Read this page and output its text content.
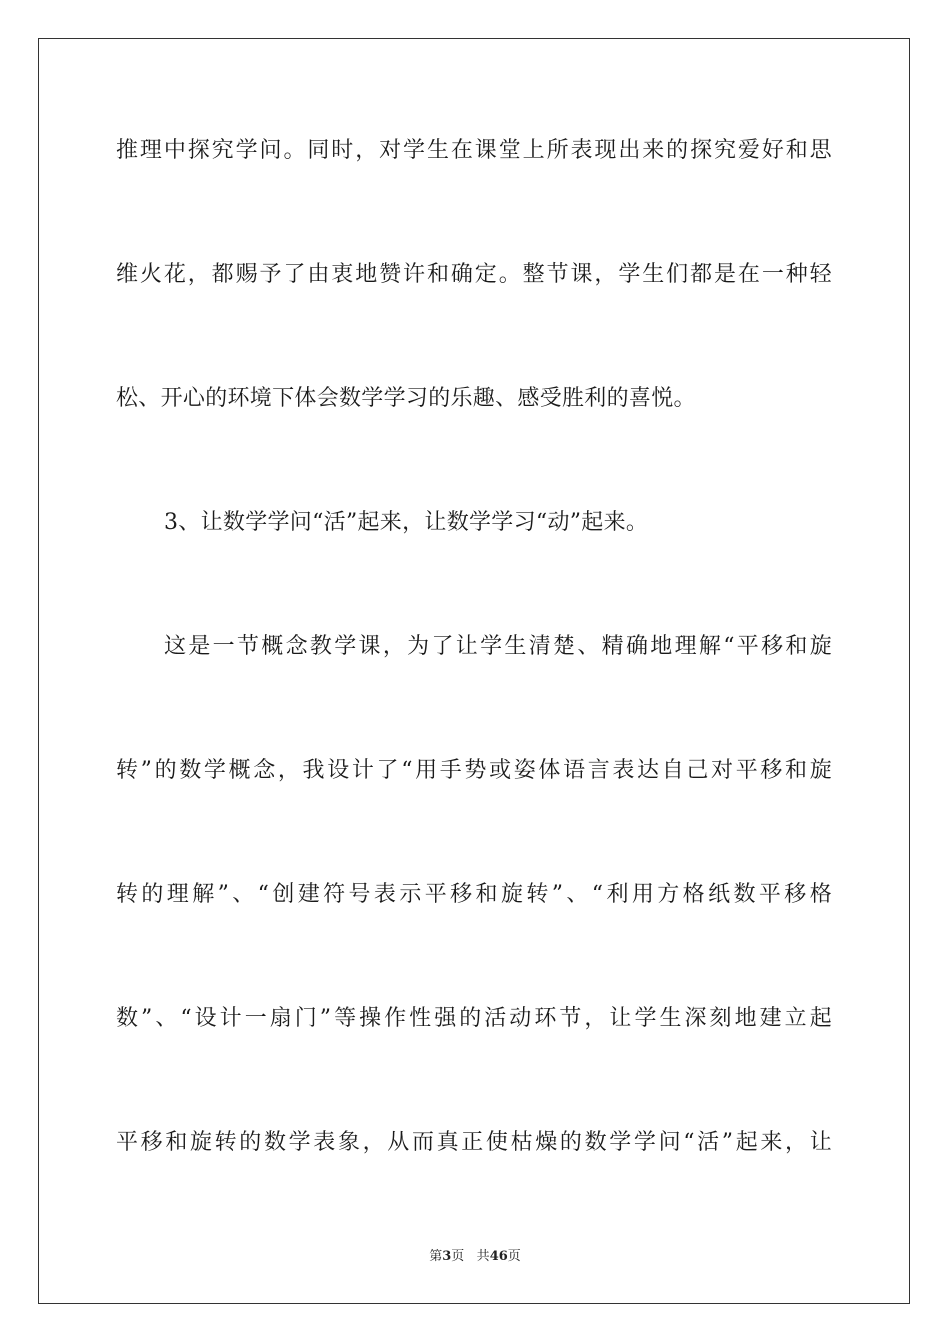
推理中探究学问。同时，对学生在课堂上所表现出来的探究爱好和思
维火花，都赐予了由衷地赞许和确定。整节课，学生们都是在一种轻
松、开心的环境下体会数学学习的乐趣、感受胜利的喜悦。
3、让数学学问“活”起来，让数学学习“动”起来。
这是一节概念教学课，为了让学生清楚、精确地理解“平移和旋
转”的数学概念，我设计了“用手势或姿体语言表达自己对平移和旋
转的理解”、“创建符号表示平移和旋转”、“利用方格纸数平移格
数”、“设计一扇门”等操作性强的活动环节，让学生深刻地建立起
平移和旋转的数学表象，从而真正使枯燥的数学学问“活”起来，让
第3页 共46页
